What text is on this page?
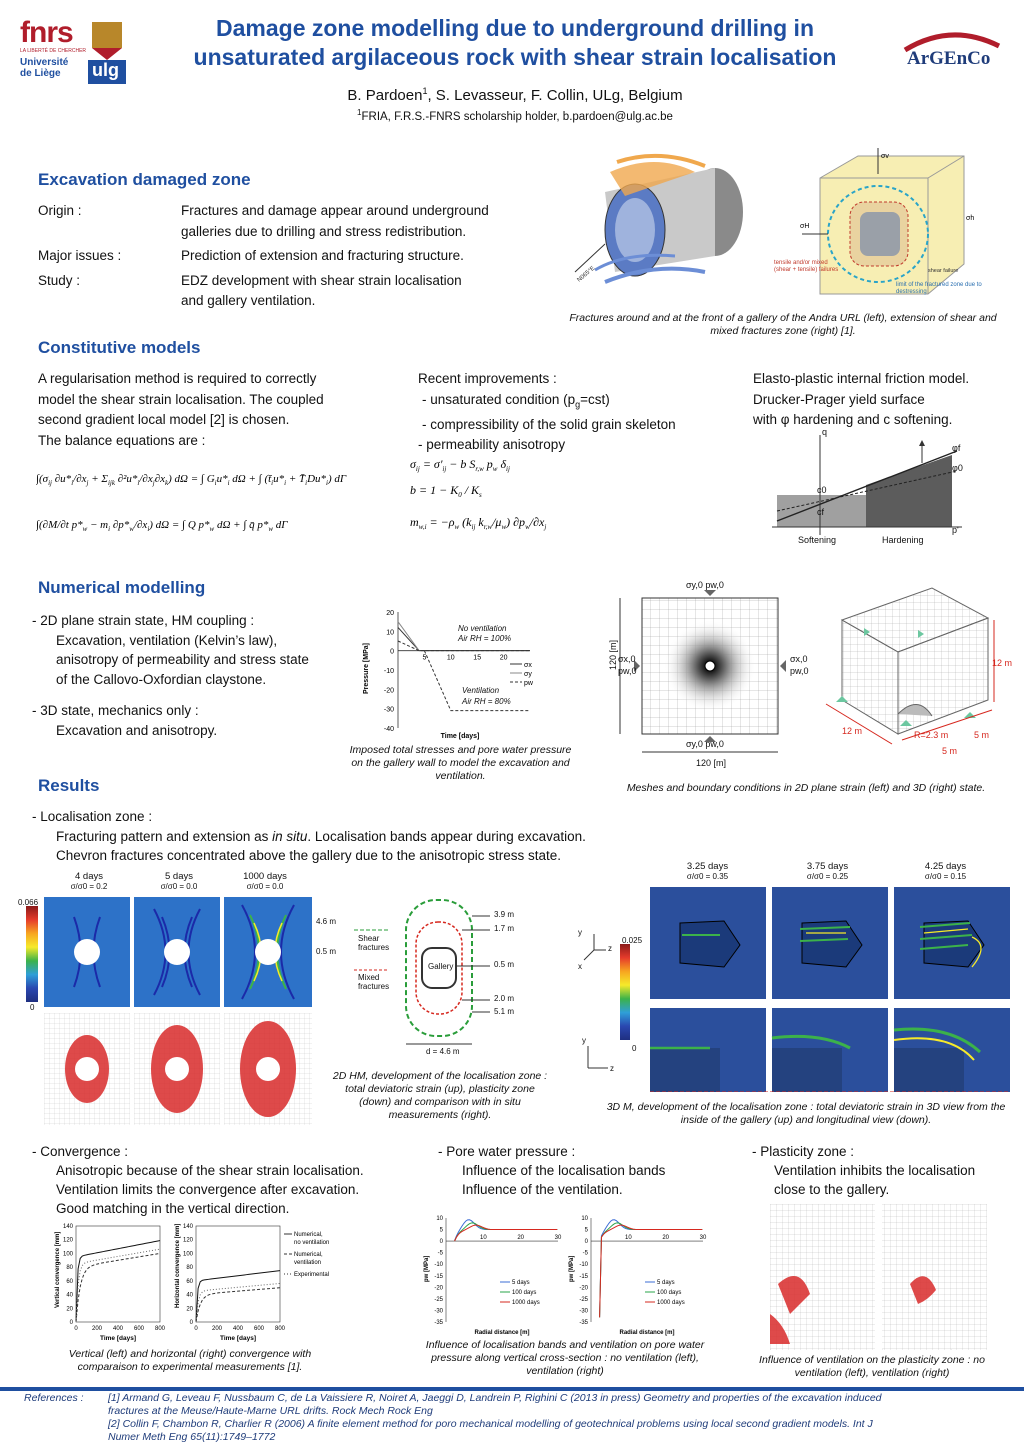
fnrs
LA LIBERTÉ DE CHERCHER
Université
de Liège	ulg
Damage zone modelling due to underground drilling in
unsaturated argilaceous rock with shear strain localisation
B. Pardoen$^1$, S. Levasseur, F. Collin, ULg, Belgium
$^1$FRIA, F.R.S.-FNRS scholarship holder, b.pardoen@ulg.ac.be
ArGEnCo
Excavation damaged zone
Origin :	Fractures and damage appear around underground
galleries due to drilling and stress redistribution.
Major issues :	Prediction of extension and fracturing structure.
Study :	EDZ development with shear strain localisation
and gallery ventilation.
N065°E
σv
σH
σh
shear failure
tensile and/or mixed (shear + tensile) failures
limit of the fractured zone due to destressing
Fractures around and at the front of a gallery of the Andra URL (left), extension of shear and mixed fractures zone (right) [1].
Constitutive models
A regularisation method is required to correctly
model the shear strain localisation. The coupled
second gradient local model [2] is chosen.
The balance equations are :
Recent improvements :
- unsaturated condition $(p_g=cst)$
- compressibility of the solid grain skeleton
- permeability anisotropy
Elasto-plastic internal friction model.
Drucker-Prager yield surface
with φ hardening and c softening.
$\int(\sigma_{ij}$ $\partial u*_i/\partial x_j + \Sigma_{ijk}$ $\partial^2u*_i/\partial x_j\partial x_k$) dΩ = ∫ $G_iu*_i$ dΩ + ∫ ($t̄_iu*_i$ + $T̄_iDu*_i$) dΓ
∫(∂M/∂t $p*_w - m_i$ $\partial p*_w/\partial x_i$) dΩ = ∫ Q $p*_w$ dΩ + ∫ q̄ $p*_w$ dΓ
$\sigma_{ij} = \sigma'_{ij} - b$ $S_{r,w}$ $p_w$ $\delta_{ij}$
$b = 1 - K_0 / K_s$
$m_{w,i} = -\rho_w$ ($k_{ij}$ $k_{r,w}/\mu_w$) $\partial p_w/\partial x_j$
q
p'
φf
φ0
c0
cf
Softening	Hardening
Numerical modelling
- 2D plane strain state, HM coupling :
Excavation, ventilation (Kelvin’s law),
anisotropy of permeability and stress state
of the Callovo-Oxfordian claystone.
- 3D state, mechanics only :
Excavation and anisotropy.	-40
-30
-20
-10
0
10
20
5	10	15	20
Pressure [MPa]
Time [days]
σx
σy
pw
No ventilation
Air RH = 100%
Ventilation
Air RH = 80%
Imposed total stresses and pore water pressure on the gallery wall to model the excavation and ventilation.
σy,0 pw,0
σx,0
pw,0
σx,0
pw,0
σy,0 pw,0
120 [m]
120 [m]
12 m
12 m	R=2.3 m	5 m
5 m
Meshes and boundary conditions in 2D plane strain (left) and 3D (right) state.
Results
- Localisation zone :
Fracturing pattern and extension as in situ. Localisation bands appear during excavation.
Chevron fractures concentrated above the gallery due to the anisotropic stress state.
4 days
σ/σ0 = 0.2
5 days
σ/σ0 = 0.0
1000 days
σ/σ0 = 0.0
0.066
0
4.6 m
0.5 m
3.9 m
1.7 m
0.5 m
2.0 m
5.1 m
Gallery
d = 4.6 m
Shear fractures
Mixed fractures
2D HM, development of the localisation zone : total deviatoric strain (up), plasticity zone (down) and comparison with in situ measurements (right).
3.25 days
σ/σ0 = 0.35
3.75 days
σ/σ0 = 0.25
4.25 days
σ/σ0 = 0.15
y
z
x
0.025
0
y
z
3D M, development of the localisation zone : total deviatoric strain in 3D view from the inside of the gallery (up) and longitudinal view (down).
- Convergence :
Anisotropic because of the shear strain localisation.
Ventilation limits the convergence after excavation.
Good matching in the vertical direction.
0
20
40
60
80
100
120
140
0 200 400 600 800
Vertical convergence [mm]
Time [days]
0
20
40
60
80
100
120
140
0 200 400 600 800
Horizontal convergence [mm]
Time [days]
Numerical,
no ventilation
Numerical,
ventilation
Experimental
Vertical (left) and horizontal (right) convergence with comparaison to experimental measurements [1].
- Pore water pressure :
Influence of the localisation bands
Influence of the ventilation.
10
5
0
-5
-10
-15
-20
-25
-30
-35
10	20	30
5 days
100 days
1000 days
pw [MPa]
Radial distance [m]
10
5
0
-5
-10
-15
-20
-25
-30
-35
10	20	30
5 days
100 days
1000 days
pw [MPa]
Radial distance [m]
Influence of localisation bands and ventilation on pore water pressure along vertical cross-section : no ventilation (left), ventilation (right)
- Plasticity zone :
Ventilation inhibits the localisation
close to the gallery.
Influence of ventilation on the plasticity zone : no ventilation (left), ventilation (right)
References :	[1] Armand G, Leveau F, Nussbaum C, de La Vaissiere R, Noiret A, Jaeggi D, Landrein P, Righini C (2013 in press) Geometry and properties of the excavation induced
fractures at the Meuse/Haute-Marne URL drifts. Rock Mech Rock Eng
[2] Collin F, Chambon R, Charlier R (2006) A finite element method for poro mechanical modelling of geotechnical problems using local second gradient models. Int J
Numer Meth Eng 65(11):1749–1772
